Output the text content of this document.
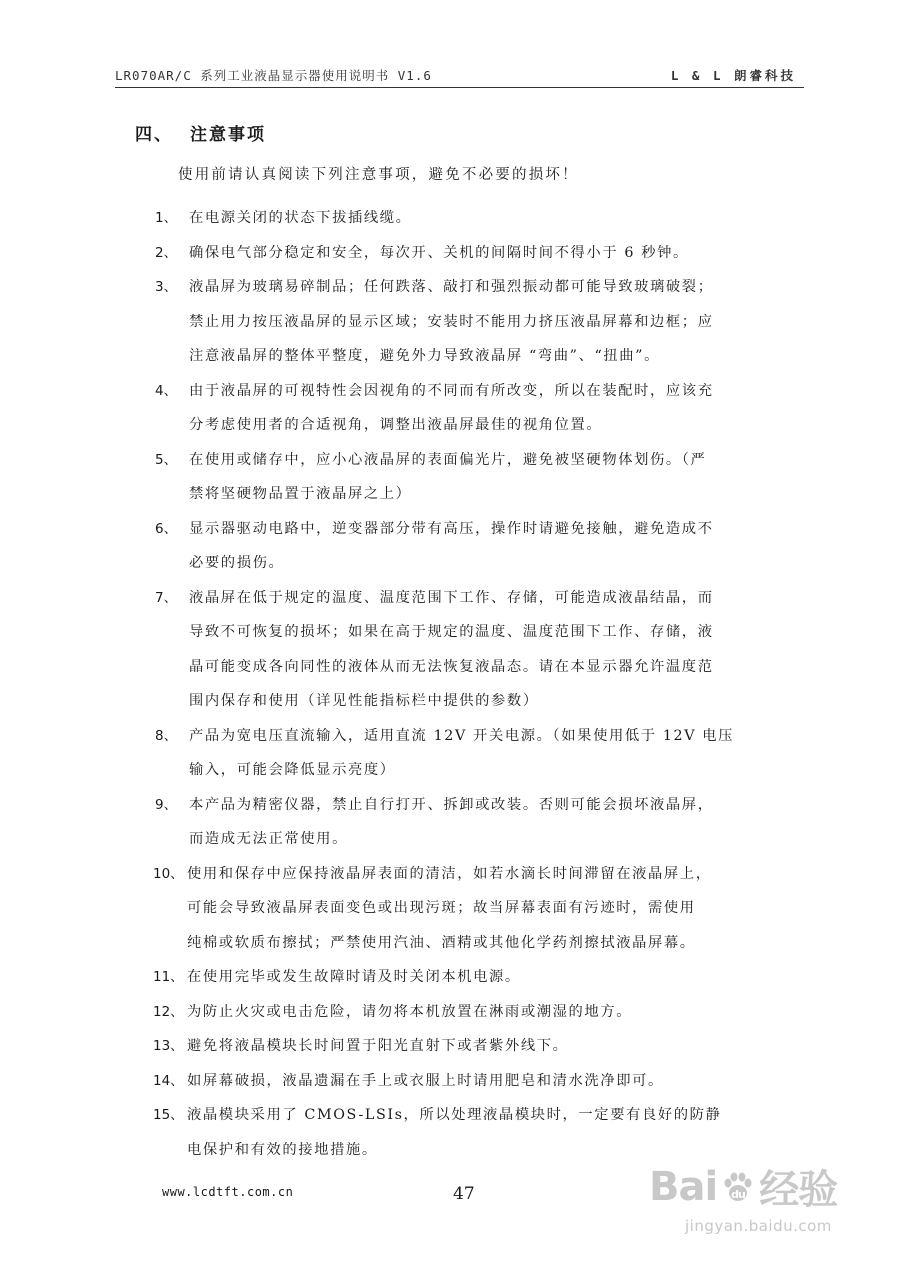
LR070AR/C 系列工业液晶显示器使用说明书 V1.6	L & L 朗睿科技
四、	注意事项
使用前请认真阅读下列注意事项，避免不必要的损坏！
1、 在电源关闭的状态下拔插线缆。
2、 确保电气部分稳定和安全，每次开、关机的间隔时间不得小于 6 秒钟。
3、 液晶屏为玻璃易碎制品；任何跌落、敲打和强烈振动都可能导致玻璃破裂；
禁止用力按压液晶屏的显示区域；安装时不能用力挤压液晶屏幕和边框；应
注意液晶屏的整体平整度，避免外力导致液晶屏 “弯曲”、“扭曲”。
4、 由于液晶屏的可视特性会因视角的不同而有所改变，所以在装配时，应该充
分考虑使用者的合适视角，调整出液晶屏最佳的视角位置。
5、 在使用或储存中，应小心液晶屏的表面偏光片，避免被坚硬物体划伤。（严
禁将坚硬物品置于液晶屏之上）
6、 显示器驱动电路中，逆变器部分带有高压，操作时请避免接触，避免造成不
必要的损伤。
7、 液晶屏在低于规定的温度、温度范围下工作、存储，可能造成液晶结晶，而
导致不可恢复的损坏；如果在高于规定的温度、温度范围下工作、存储，液
晶可能变成各向同性的液体从而无法恢复液晶态。请在本显示器允许温度范
围内保存和使用（详见性能指标栏中提供的参数）
8、 产品为宽电压直流输入，适用直流 12V 开关电源。（如果使用低于 12V 电压
输入，可能会降低显示亮度）
9、 本产品为精密仪器，禁止自行打开、拆卸或改装。否则可能会损坏液晶屏，
而造成无法正常使用。
10、 使用和保存中应保持液晶屏表面的清洁，如若水滴长时间滞留在液晶屏上，
可能会导致液晶屏表面变色或出现污斑；故当屏幕表面有污迹时，需使用
纯棉或软质布擦拭；严禁使用汽油、酒精或其他化学药剂擦拭液晶屏幕。
11、 在使用完毕或发生故障时请及时关闭本机电源。
12、 为防止火灾或电击危险，请勿将本机放置在淋雨或潮湿的地方。
13、 避免将液晶模块长时间置于阳光直射下或者紫外线下。
14、 如屏幕破损，液晶遗漏在手上或衣服上时请用肥皂和清水洗净即可。
15、 液晶模块采用了 CMOS-LSIs，所以处理液晶模块时，一定要有良好的防静
电保护和有效的接地措施。
www.lcdtft.com.cn	47	Bai du 经验
jingyan.baidu.com
